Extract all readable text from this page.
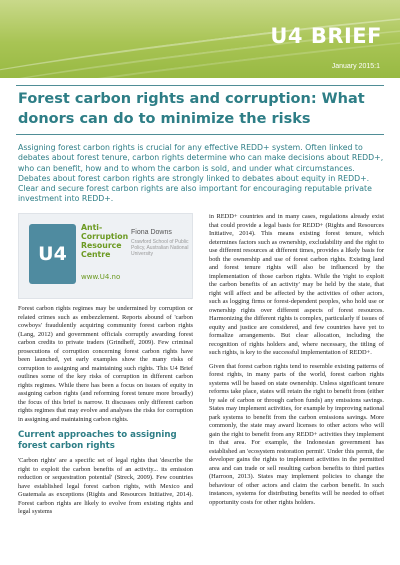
U4 BRIEF
January 2015:1
Forest carbon rights and corruption: What donors can do to minimize the risks

Assigning forest carbon rights is crucial for any effective REDD+ system. Often linked to debates about forest tenure, carbon rights determine who can make decisions about REDD+, who can benefit, how and to whom the carbon is sold, and under what circumstances. Debates about forest carbon rights are strongly linked to debates about equity in REDD+. Clear and secure forest carbon rights are also important for encouraging reputable private investment into REDD+.

U4
Anti-
Corruption
Resource
Centre
www.U4.no
Fiona Downs
Crawford School of Public Policy, Australian National University

Forest carbon rights regimes may be undermined by corruption or related crimes such as embezzlement. Reports abound of 'carbon cowboys' fraudulently acquiring community forest carbon rights (Lang, 2012) and government officials corruptly awarding forest carbon credits to private traders (Grindheff, 2009). Few criminal prosecutions of corruption concerning forest carbon rights have been launched, yet early examples show the many risks of corruption to assigning and maintaining such rights. This U4 Brief outlines some of the key risks of corruption in different carbon rights regimes. While there has been a focus on issues of equity in assigning carbon rights (and reforming forest tenure more broadly) the focus of this brief is narrow. It discusses only different carbon rights regimes that may evolve and analyses the risks for corruption in assigning and maintaining carbon rights.

Current approaches to assigning forest carbon rights

'Carbon rights' are a specific set of legal rights that 'describe the right to exploit the carbon benefits of an activity... its emission reduction or sequestration potential' (Streck, 2009). Few countries have established legal forest carbon rights, with Mexico and Guatemala as exceptions (Rights and Resources Initiative, 2014). Forest carbon rights are likely to evolve from existing rights and legal systems

in REDD+ countries and in many cases, regulations already exist that could provide a legal basis for REDD+ (Rights and Resources Initiative, 2014). This means existing forest tenure, which determines factors such as ownership, excludability and the right to use different resources at different times, provides a likely basis for both the ownership and use of forest carbon rights. Existing land and forest tenure rights will also be influenced by the implementation of those carbon rights. While the 'right to exploit the carbon benefits of an activity' may be held by the state, that right will affect and be affected by the activities of other actors, such as logging firms or forest-dependent peoples, who hold use or ownership rights over different aspects of forest resources. Harmonizing the different rights is complex, particularly if issues of equity and justice are considered, and few countries have yet to formalize arrangements. But clear allocation, including the recognition of rights holders and, where necessary, the titling of such rights, is key to the successful implementation of REDD+.

Given that forest carbon rights tend to resemble existing patterns of forest rights, in many parts of the world, forest carbon rights systems will be based on state ownership. Unless significant tenure reforms take place, states will retain the right to benefit from (either by sale of carbon or through carbon funds) any emissions savings. States may implement activities, for example by improving national park systems to benefit from the carbon emissions savings. More commonly, the state may award licenses to other actors who will gain the right to benefit from any REDD+ activities they implement in that area. For example, the Indonesian government has established an 'ecosystem restoration permit'. Under this permit, the developer gains the rights to implement activities in the permitted area and can trade or sell resulting carbon benefits to third parties (Harroon, 2013). States may implement policies to change the behaviour of other actors and claim the carbon benefit. In such instances, systems for distributing benefits will be needed to offset opportunity costs for other rights holders.
